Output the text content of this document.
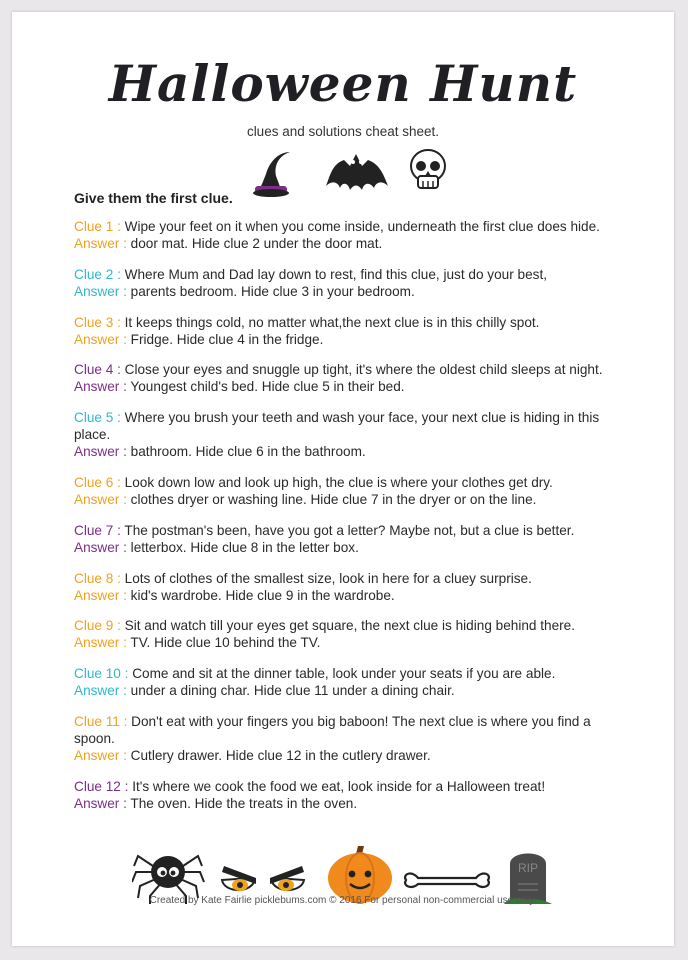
Halloween Hunt
clues and solutions cheat sheet.
Give them the first clue.
Clue 1 : Wipe your feet on it when you come inside, underneath the first clue does hide.
Answer : door mat. Hide clue 2 under the door mat.
Clue 2 : Where Mum and Dad lay down to rest, find this clue, just do your best,
Answer : parents bedroom. Hide clue 3 in your bedroom.
Clue 3 : It keeps things cold, no matter what,the next clue is in this chilly spot.
Answer : Fridge. Hide clue 4 in the fridge.
Clue 4 : Close your eyes and snuggle up tight, it's where the oldest child sleeps at night.
Answer : Youngest child's bed. Hide clue 5 in their bed.
Clue 5 : Where you brush your teeth and wash your face, your next clue is hiding in this place.
Answer : bathroom. Hide clue 6 in the bathroom.
Clue 6 : Look down low and look up high, the clue is where your clothes get dry.
Answer : clothes dryer or washing line. Hide clue 7 in the dryer or on the line.
Clue 7 : The postman's been, have you got a letter? Maybe not, but a clue is better.
Answer : letterbox. Hide clue 8 in the letter box.
Clue 8 : Lots of clothes of the smallest size, look in here for a cluey surprise.
Answer : kid's wardrobe. Hide clue 9 in the wardrobe.
Clue 9 : Sit and watch till your eyes get square, the next clue is hiding behind there.
Answer : TV. Hide clue 10 behind the TV.
Clue 10 : Come and sit at the dinner table, look under your seats if you are able.
Answer : under a dining char. Hide clue 11 under a dining chair.
Clue 11 : Don't eat with your fingers you big baboon! The next clue is where you find a spoon.
Answer : Cutlery drawer. Hide clue 12 in the cutlery drawer.
Clue 12 : It's where we cook the food we eat, look inside for a Halloween treat!
Answer : The oven. Hide the treats in the oven.
RIP
Created by Kate Fairlie picklebums.com © 2016 For personal non-commercial use only.
